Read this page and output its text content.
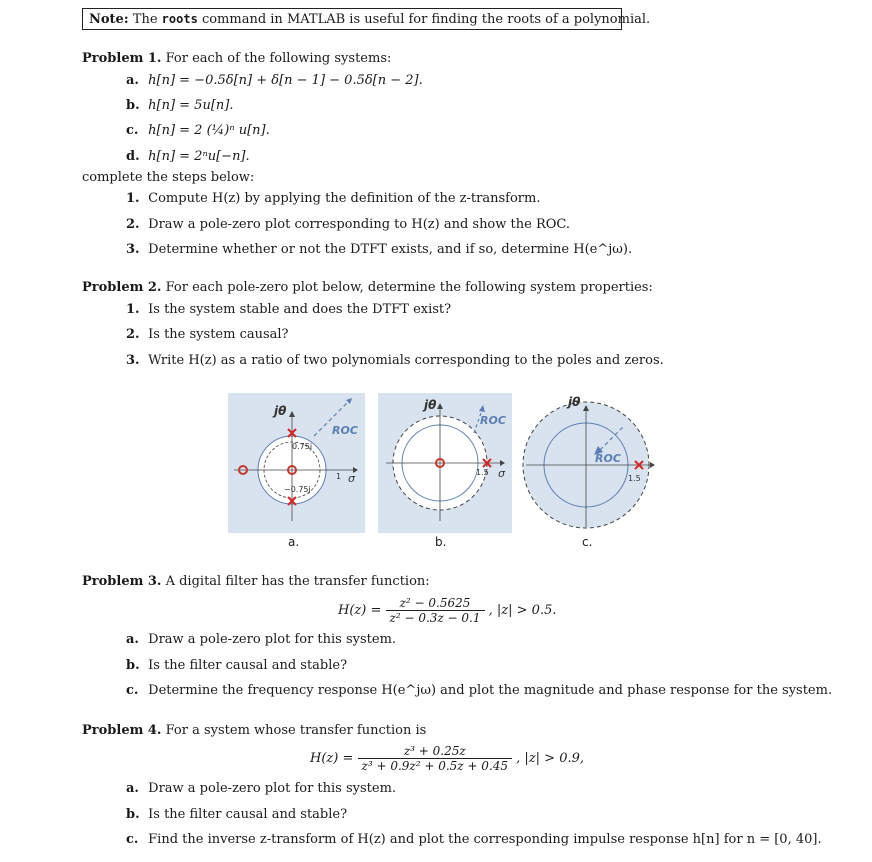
Note: The roots command in MATLAB is useful for finding the roots of a polynomial.
Problem 1. For each of the following systems:
a. h[n] = −0.5δ[n] + δ[n − 1] − 0.5δ[n − 2].
b. h[n] = 5u[n].
c. h[n] = 2 (¼)ⁿ u[n].
d. h[n] = 2ⁿu[−n].
complete the steps below:
1. Compute H(z) by applying the definition of the z-transform.
2. Draw a pole-zero plot corresponding to H(z) and show the ROC.
3. Determine whether or not the DTFT exists, and if so, determine H(e^jω).
Problem 2. For each pole-zero plot below, determine the following system properties:
1. Is the system stable and does the DTFT exist?
2. Is the system causal?
3. Write H(z) as a ratio of two polynomials corresponding to the poles and zeros.
jθ
ROC
σ
1
0.75j
−0.75j
a.
jθ
ROC
σ
1.5
b.
jθ
ROC
1.5
c.
Problem 3. A digital filter has the transfer function:
$H(z) = \frac{\text{z² − 0.5625}}{\text{z² − 0.3z − 0.1}}$ , |z| > 0.5.
a. Draw a pole-zero plot for this system.
b. Is the filter causal and stable?
c. Determine the frequency response H(e^jω) and plot the magnitude and phase response for the system.
Problem 4. For a system whose transfer function is
$H(z) = \frac{\text{z³ + 0.25z}}{\text{z³ + 0.9z² + 0.5z + 0.45}}$ , |z| > 0.9,
a. Draw a pole-zero plot for this system.
b. Is the filter causal and stable?
c. Find the inverse z-transform of H(z) and plot the corresponding impulse response h[n] for n = [0, 40].
